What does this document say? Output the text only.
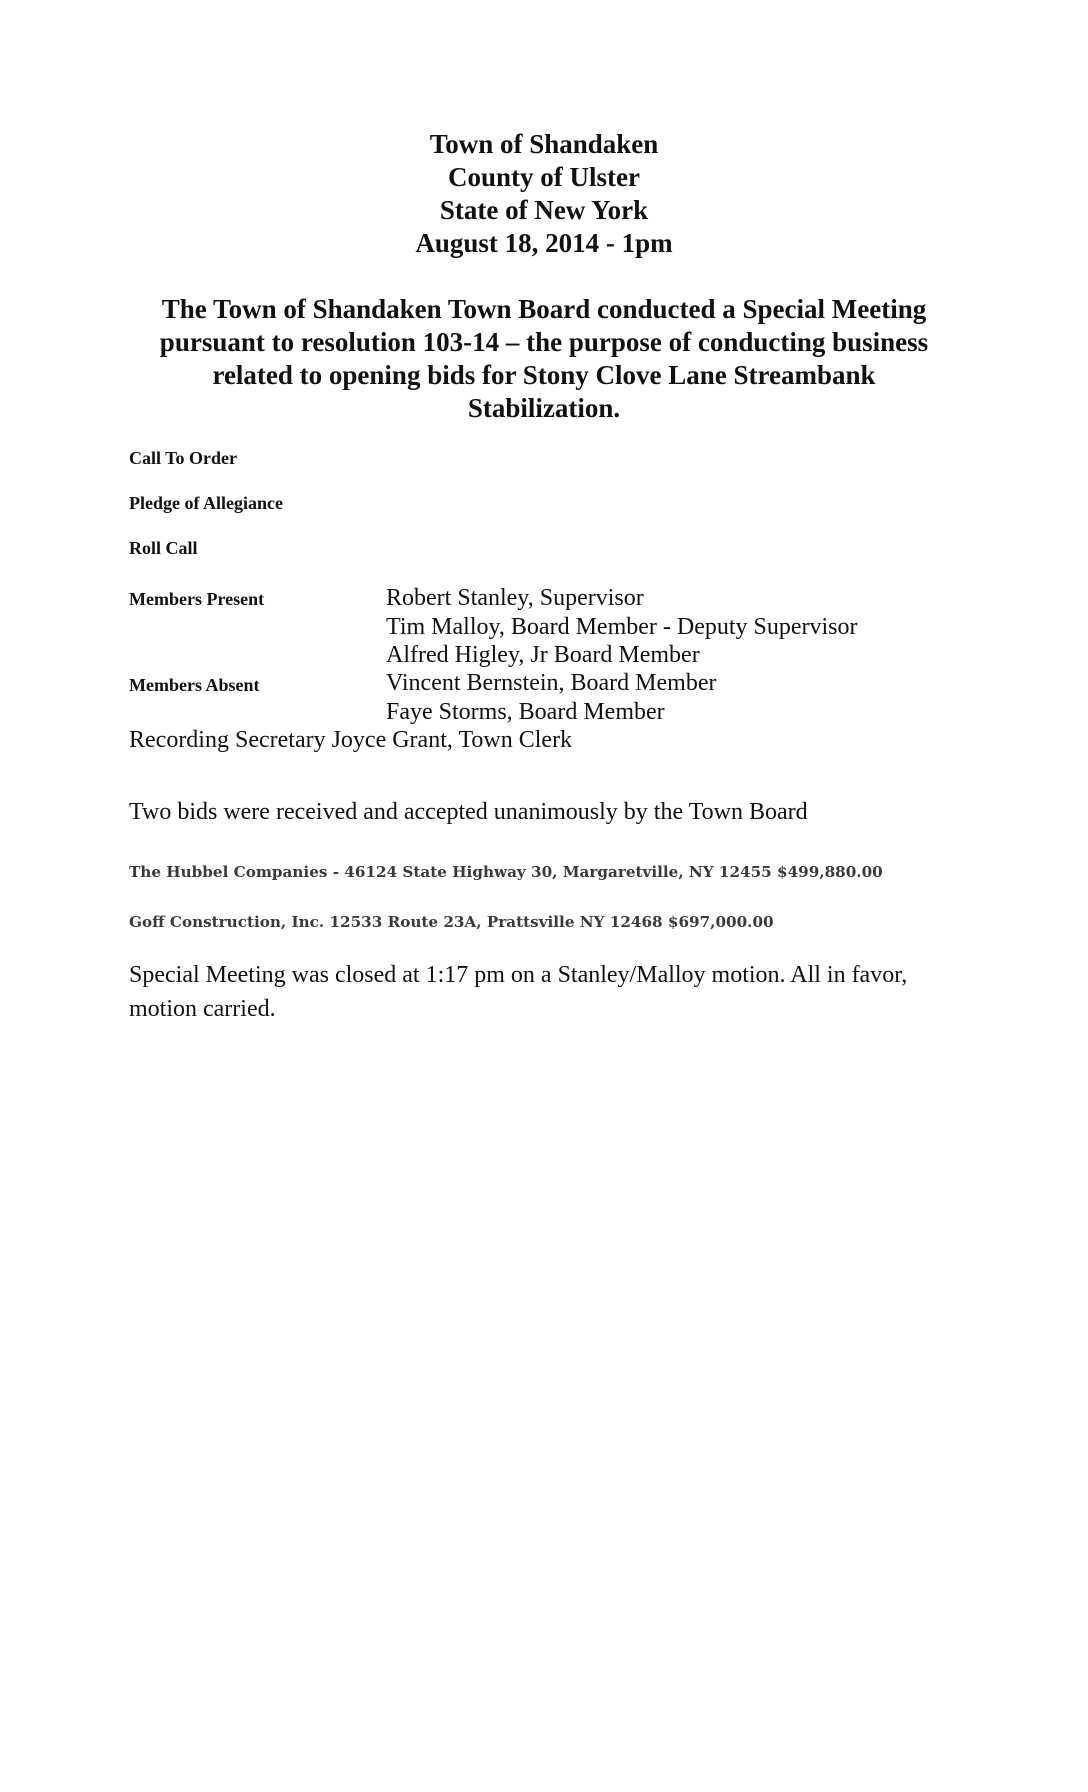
Town of Shandaken
County of Ulster
State of New York
August 18, 2014 - 1pm
The Town of Shandaken Town Board conducted a Special Meeting
pursuant to resolution 103-14 – the purpose of conducting business
related to opening bids for Stony Clove Lane Streambank
Stabilization.
Call To Order
Pledge of Allegiance
Roll Call
Members Present
Members Absent
Robert Stanley, Supervisor
Tim Malloy, Board Member - Deputy Supervisor
Alfred Higley, Jr Board Member
Vincent Bernstein, Board Member
Faye Storms, Board Member
Recording Secretary Joyce Grant, Town Clerk
Two bids were received and accepted unanimously by the Town Board
The Hubbel Companies - 46124 State Highway 30, Margaretville, NY 12455 $499,880.00
Goff Construction, Inc. 12533 Route 23A, Prattsville NY 12468 $697,000.00
Special Meeting was closed at 1:17 pm on a Stanley/Malloy motion. All in favor,
motion carried.
